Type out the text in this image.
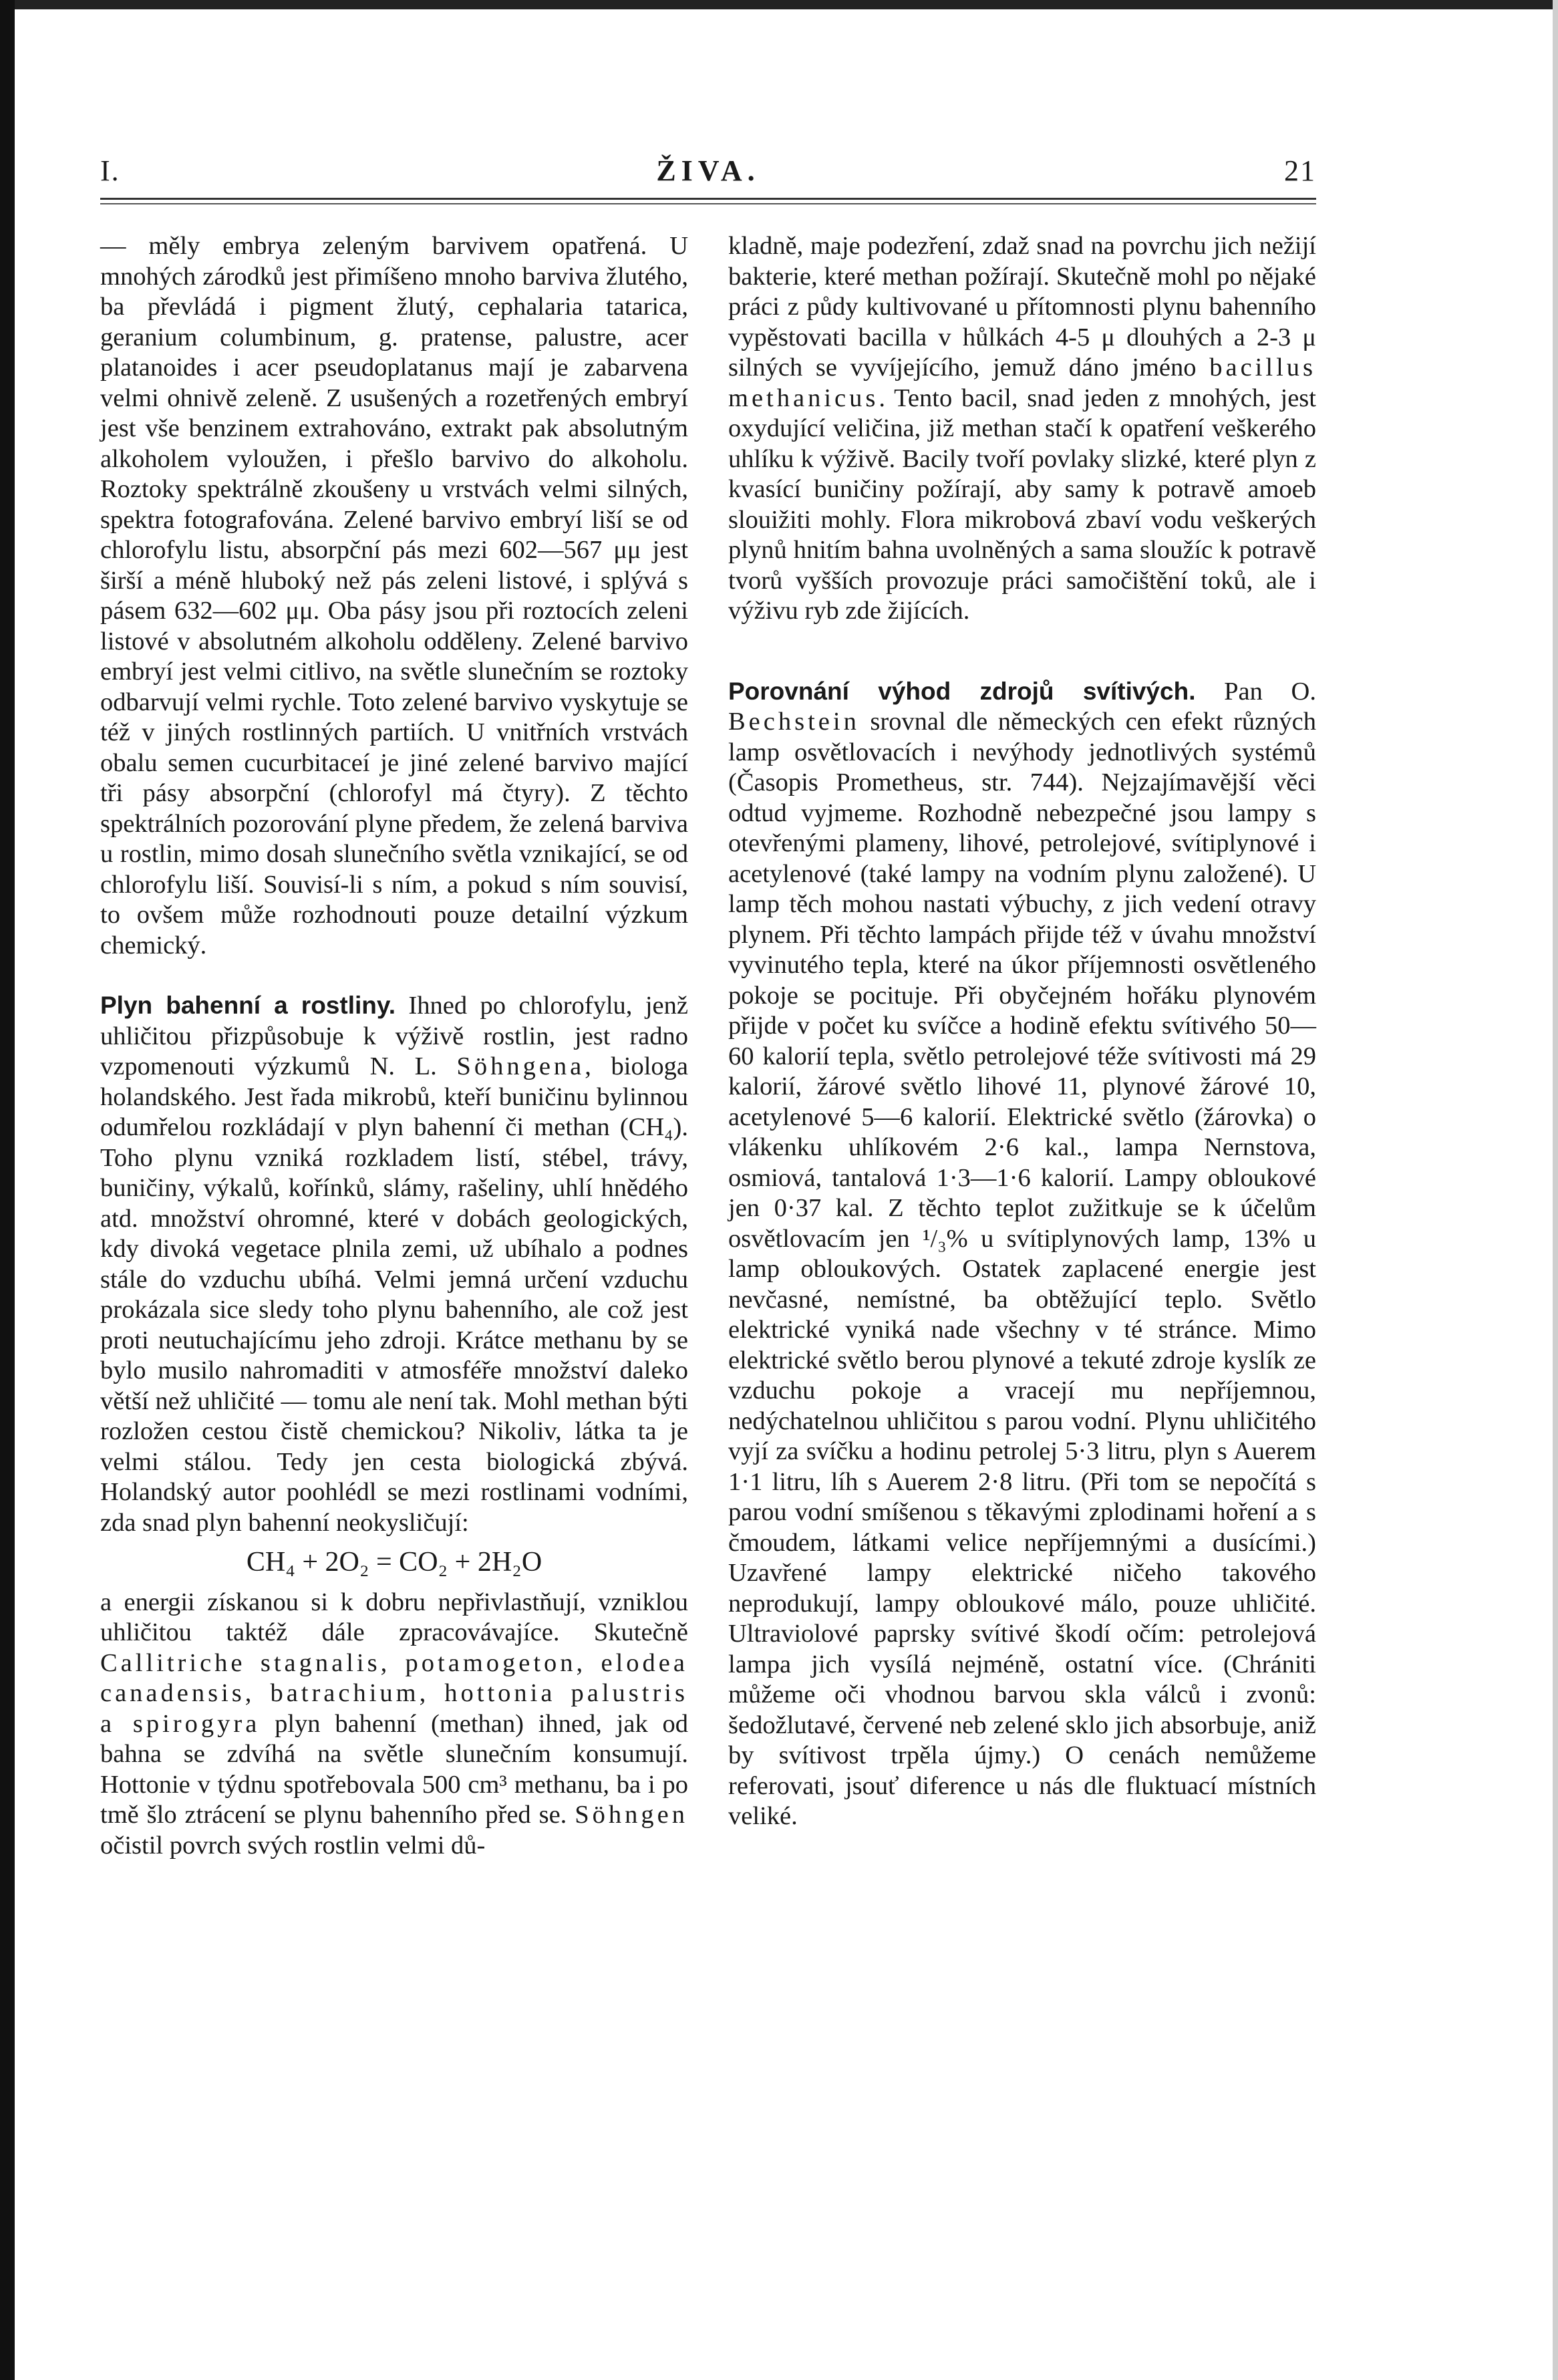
I.	ŽIVA.	21

— měly embrya zeleným barvivem opatřená. U mnohých zárodků jest přimíšeno mnoho barviva žlutého, ba převládá i pigment žlutý, cephalaria tatarica, geranium columbinum, g. pratense, palustre, acer platanoides i acer pseudoplatanus mají je zabarvena velmi ohnivě zeleně. Z usušených a rozetřených embryí jest vše benzinem extrahováno, extrakt pak absolutným alkoholem vyloužen, i přešlo barvivo do alkoholu. Roztoky spektrálně zkoušeny u vrstvách velmi silných, spektra fotografována. Zelené barvivo embryí liší se od chlorofylu listu, absorpční pás mezi 602—567 μμ jest širší a méně hluboký než pás zeleni listové, i splývá s pásem 632—602 μμ. Oba pásy jsou při roztocích zeleni listové v absolutném alkoholu odděleny. Zelené barvivo embryí jest velmi citlivo, na světle slunečním se roztoky odbarvují velmi rychle. Toto zelené barvivo vyskytuje se též v jiných rostlinných partiích. U vnitřních vrstvách obalu semen cucurbitacеí je jiné zelené barvivo mající tři pásy absorpční (chlorofyl má čtyry). Z těchto spektrálních pozorování plyne předem, že zelená barviva u rostlin, mimo dosah slunečního světla vznikající, se od chlorofylu liší. Souvisí-li s ním, a pokud s ním souvisí, to ovšem může rozhodnouti pouze detailní výzkum chemický.

Plyn bahenní a rostliny. Ihned po chlorofylu, jenž uhličitou přizpůsobuje k výživě rostlin, jest radno vzpomenouti výzkumů N. L. Söhngena, biologa holandského. Jest řada mikrobů, kteří buničinu bylinnou odumřelou rozkládají v plyn bahenní či methan (CH₄). Toho plynu vzniká rozkladem listí, stébel, trávy, buničiny, výkalů, kořínků, slámy, rašeliny, uhlí hnědého atd. množství ohromné, které v dobách geologických, kdy divoká vegetace plnila zemi, už ubíhalo a podnes stále do vzduchu ubíhá. Velmi jemná určení vzduchu prokázala sice sledy toho plynu bahenního, ale což jest proti neutuchajícímu jeho zdroji. Krátce methanu by se bylo musilo nahromaditi v atmosféře množství daleko větší než uhličité — tomu ale není tak. Mohl methan býti rozložen cestou čistě chemickou? Nikoliv, látka ta je velmi stálou. Tedy jen cesta biologická zbývá. Holandský autor poohlédl se mezi rostlinami vodními, zda snad plyn bahenní neokysličují:

CH₄ + 2O₂ = CO₂ + 2H₂O

a energii získanou si k dobru nepřivlastňují, vzniklou uhličitou taktéž dále zpracovávajíce. Skutečně Callitriche stagnalis, potamogeton, elodea canadensis, batrachium, hottonia palustris a spirogyra plyn bahenní (methan) ihned, jak od bahna se zdvíhá na světle slunečním konsumují. Hottonie v týdnu spotřebovala 500 cm³ methanu, ba i po tmě šlo ztrácení se plynu bahenního před se. Söhngen očistil povrch svých rostlin velmi dů-

kladně, maje podezření, zdaž snad na povrchu jich nežijí bakterie, které methan požírají. Skutečně mohl po nějaké práci z půdy kultivované u přítomnosti plynu bahenního vypěstovati bacilla v hůlkách 4-5 μ dlouhých a 2-3 μ silných se vyvíjejícího, jemuž dáno jméno bacillus methanicus. Tento bacil, snad jeden z mnohých, jest oxydující veličina, již methan stačí k opatření veškerého uhlíku k výživě. Bacily tvoří povlaky slizké, které plyn z kvasící buničiny požírají, aby samy k potravě amoeb slouižiti mohly. Flora mikrobová zbaví vodu veškerých plynů hnitím bahna uvolněných a sama sloužíc k potravě tvorů vyšších provozuje práci samočištění toků, ale i výživu ryb zde žijících.

Porovnání výhod zdrojů svítivých. Pan O. Bechstein srovnal dle německých cen efekt různých lamp osvětlovacích i nevýhody jednotlivých systémů (Časopis Prometheus, str. 744). Nejzajímavější věci odtud vyjmeme. Rozhodně nebezpečné jsou lampy s otevřenými plameny, lihové, petrolejové, svítiplynové i acetylenové (také lampy na vodním plynu založené). U lamp těch mohou nastati výbuchy, z jich vedení otravy plynem. Při těchto lampách přijde též v úvahu množství vyvinutého tepla, které na úkor příjemnosti osvětleného pokoje se pocituje. Při obyčejném hořáku plynovém přijde v počet ku svíčce a hodině efektu svítivého 50—60 kalorií tepla, světlo petrolejové téže svítivosti má 29 kalorií, žárové světlo lihové 11, plynové žárové 10, acetylenové 5—6 kalorií. Elektrické světlo (žárovka) o vlákenku uhlíkovém 2·6 kal., lampa Nernstova, osmiová, tantalová 1·3—1·6 kalorií. Lampy obloukové jen 0·37 kal. Z těchto teplot zužitkuje se k účelům osvětlovacím jen ¹/₃% u svítiplynových lamp, 13% u lamp obloukových. Ostatek zaplacené energie jest nevčasné, nemístné, ba obtěžující teplo. Světlo elektrické vyniká nade všechny v té stránce. Mimo elektrické světlo berou plynové a tekuté zdroje kyslík ze vzduchu pokoje a vracejí mu nepříjemnou, nedýchatelnou uhličitou s parou vodní. Plynu uhličitého vyjí za svíčku a hodinu petrolej 5·3 litru, plyn s Auerem 1·1 litru, líh s Auerem 2·8 litru. (Při tom se nepočítá s parou vodní smíšenou s těkavými zplodinami hoření a s čmoudem, látkami velice nepříjemnými a dusícími.) Uzavřené lampy elektrické ničeho takového neprodukují, lampy obloukové málo, pouze uhličité. Ultraviolové paprsky svítivé škodí očím: petrolejová lampa jich vysílá nejméně, ostatní více. (Chrániti můžeme oči vhodnou barvou skla válců i zvonů: šedožlutavé, červené neb zelené sklo jich absorbuje, aniž by svítivost trpěla újmy.) O cenách nemůžeme referovati, jsouť diference u nás dle fluktuací místních veliké.
